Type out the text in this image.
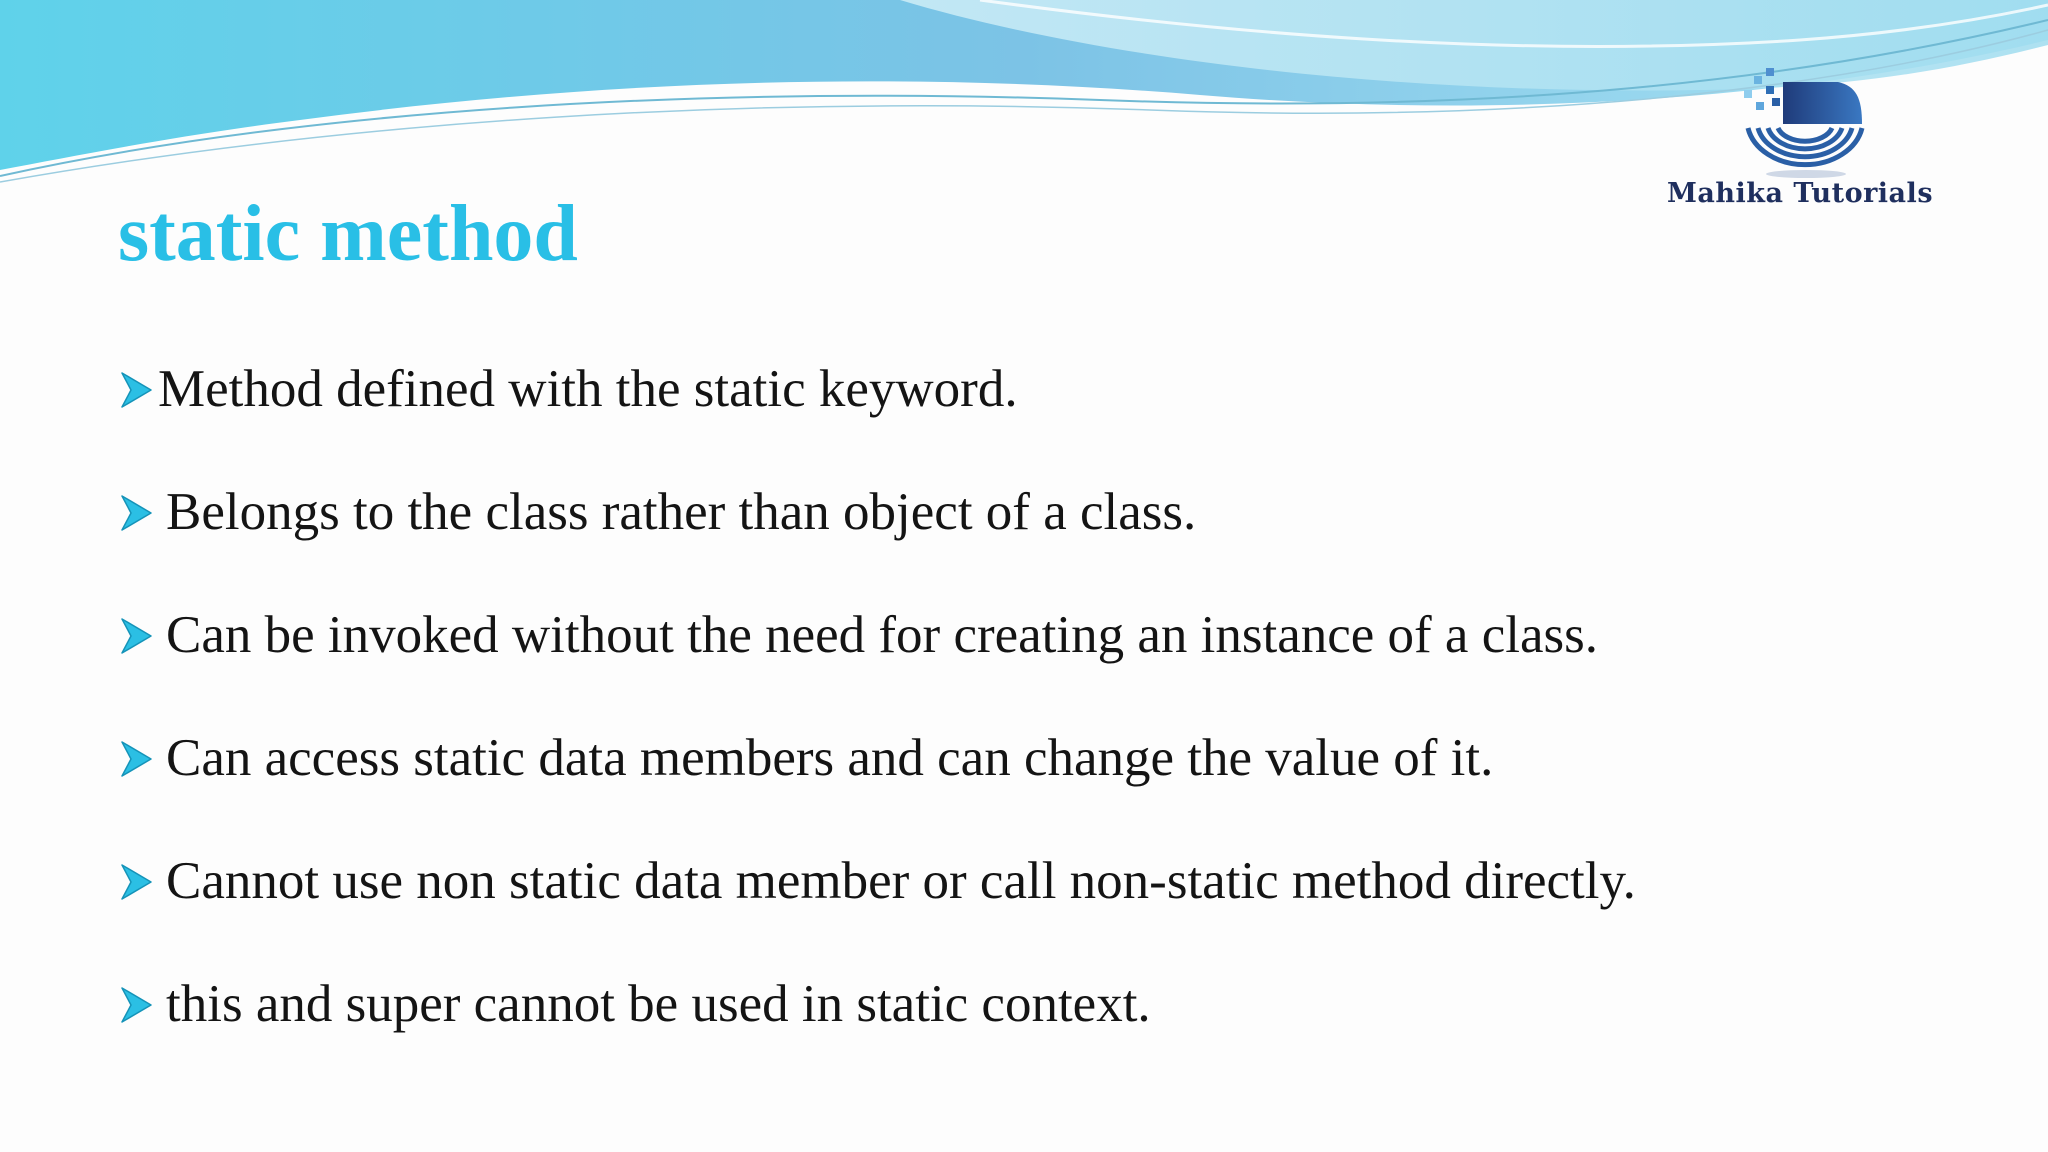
Mahika Tutorials
static method
Method defined with the static keyword.
Belongs to the class rather than object of a class.
Can be invoked without the need for creating an instance of a class.
Can access static data members and can change the value of it.
Cannot use non static data member or call non-static method directly.
this and super cannot be used in static context.
